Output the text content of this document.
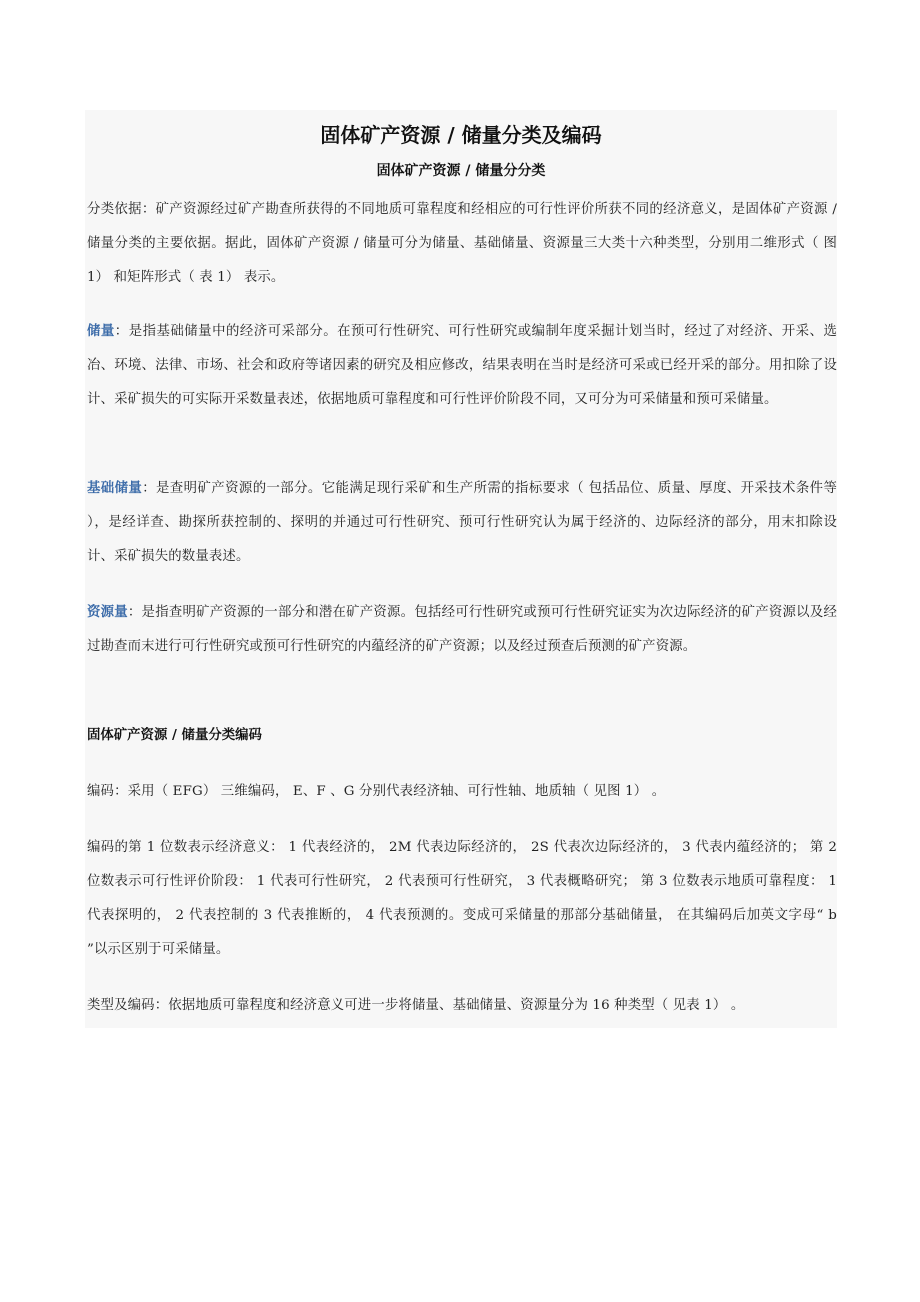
固体矿产资源 / 储量分类及编码
固体矿产资源 / 储量分分类

分类依据：矿产资源经过矿产勘查所获得的不同地质可靠程度和经相应的可行性评价所获不同的经济意义，是固体矿产资源 / 储量分类的主要依据。据此，固体矿产资源 / 储量可分为储量、基础储量、资源量三大类十六种类型，分别用二维形式（ 图 1） 和矩阵形式（ 表 1） 表示。

储量：是指基础储量中的经济可采部分。在预可行性研究、可行性研究或编制年度采掘计划当时，经过了对经济、开采、选冶、环境、法律、市场、社会和政府等诸因素的研究及相应修改，结果表明在当时是经济可采或已经开采的部分。用扣除了设计、采矿损失的可实际开采数量表述，依据地质可靠程度和可行性评价阶段不同，又可分为可采储量和预可采储量。

基础储量：是查明矿产资源的一部分。它能满足现行采矿和生产所需的指标要求（ 包括品位、质量、厚度、开采技术条件等 ），是经详查、勘探所获控制的、探明的并通过可行性研究、预可行性研究认为属于经济的、边际经济的部分，用末扣除设计、采矿损失的数量表述。

资源量：是指查明矿产资源的一部分和潜在矿产资源。包括经可行性研究或预可行性研究证实为次边际经济的矿产资源以及经过勘查而末进行可行性研究或预可行性研究的内蕴经济的矿产资源；以及经过预查后预测的矿产资源。

固体矿产资源 / 储量分类编码

编码：采用（ EFG） 三维编码， E、F 、G 分别代表经济轴、可行性轴、地质轴（ 见图 1） 。

编码的第 1 位数表示经济意义： 1 代表经济的， 2M 代表边际经济的， 2S 代表次边际经济的， 3 代表内蕴经济的； 第 2 位数表示可行性评价阶段： 1 代表可行性研究， 2 代表预可行性研究， 3 代表概略研究； 第 3 位数表示地质可靠程度： 1 代表探明的， 2 代表控制的 3 代表推断的， 4 代表预测的。变成可采储量的那部分基础储量， 在其编码后加英文字母“ b ”以示区别于可采储量。

类型及编码：依据地质可靠程度和经济意义可进一步将储量、基础储量、资源量分为 16 种类型（ 见表 1） 。
